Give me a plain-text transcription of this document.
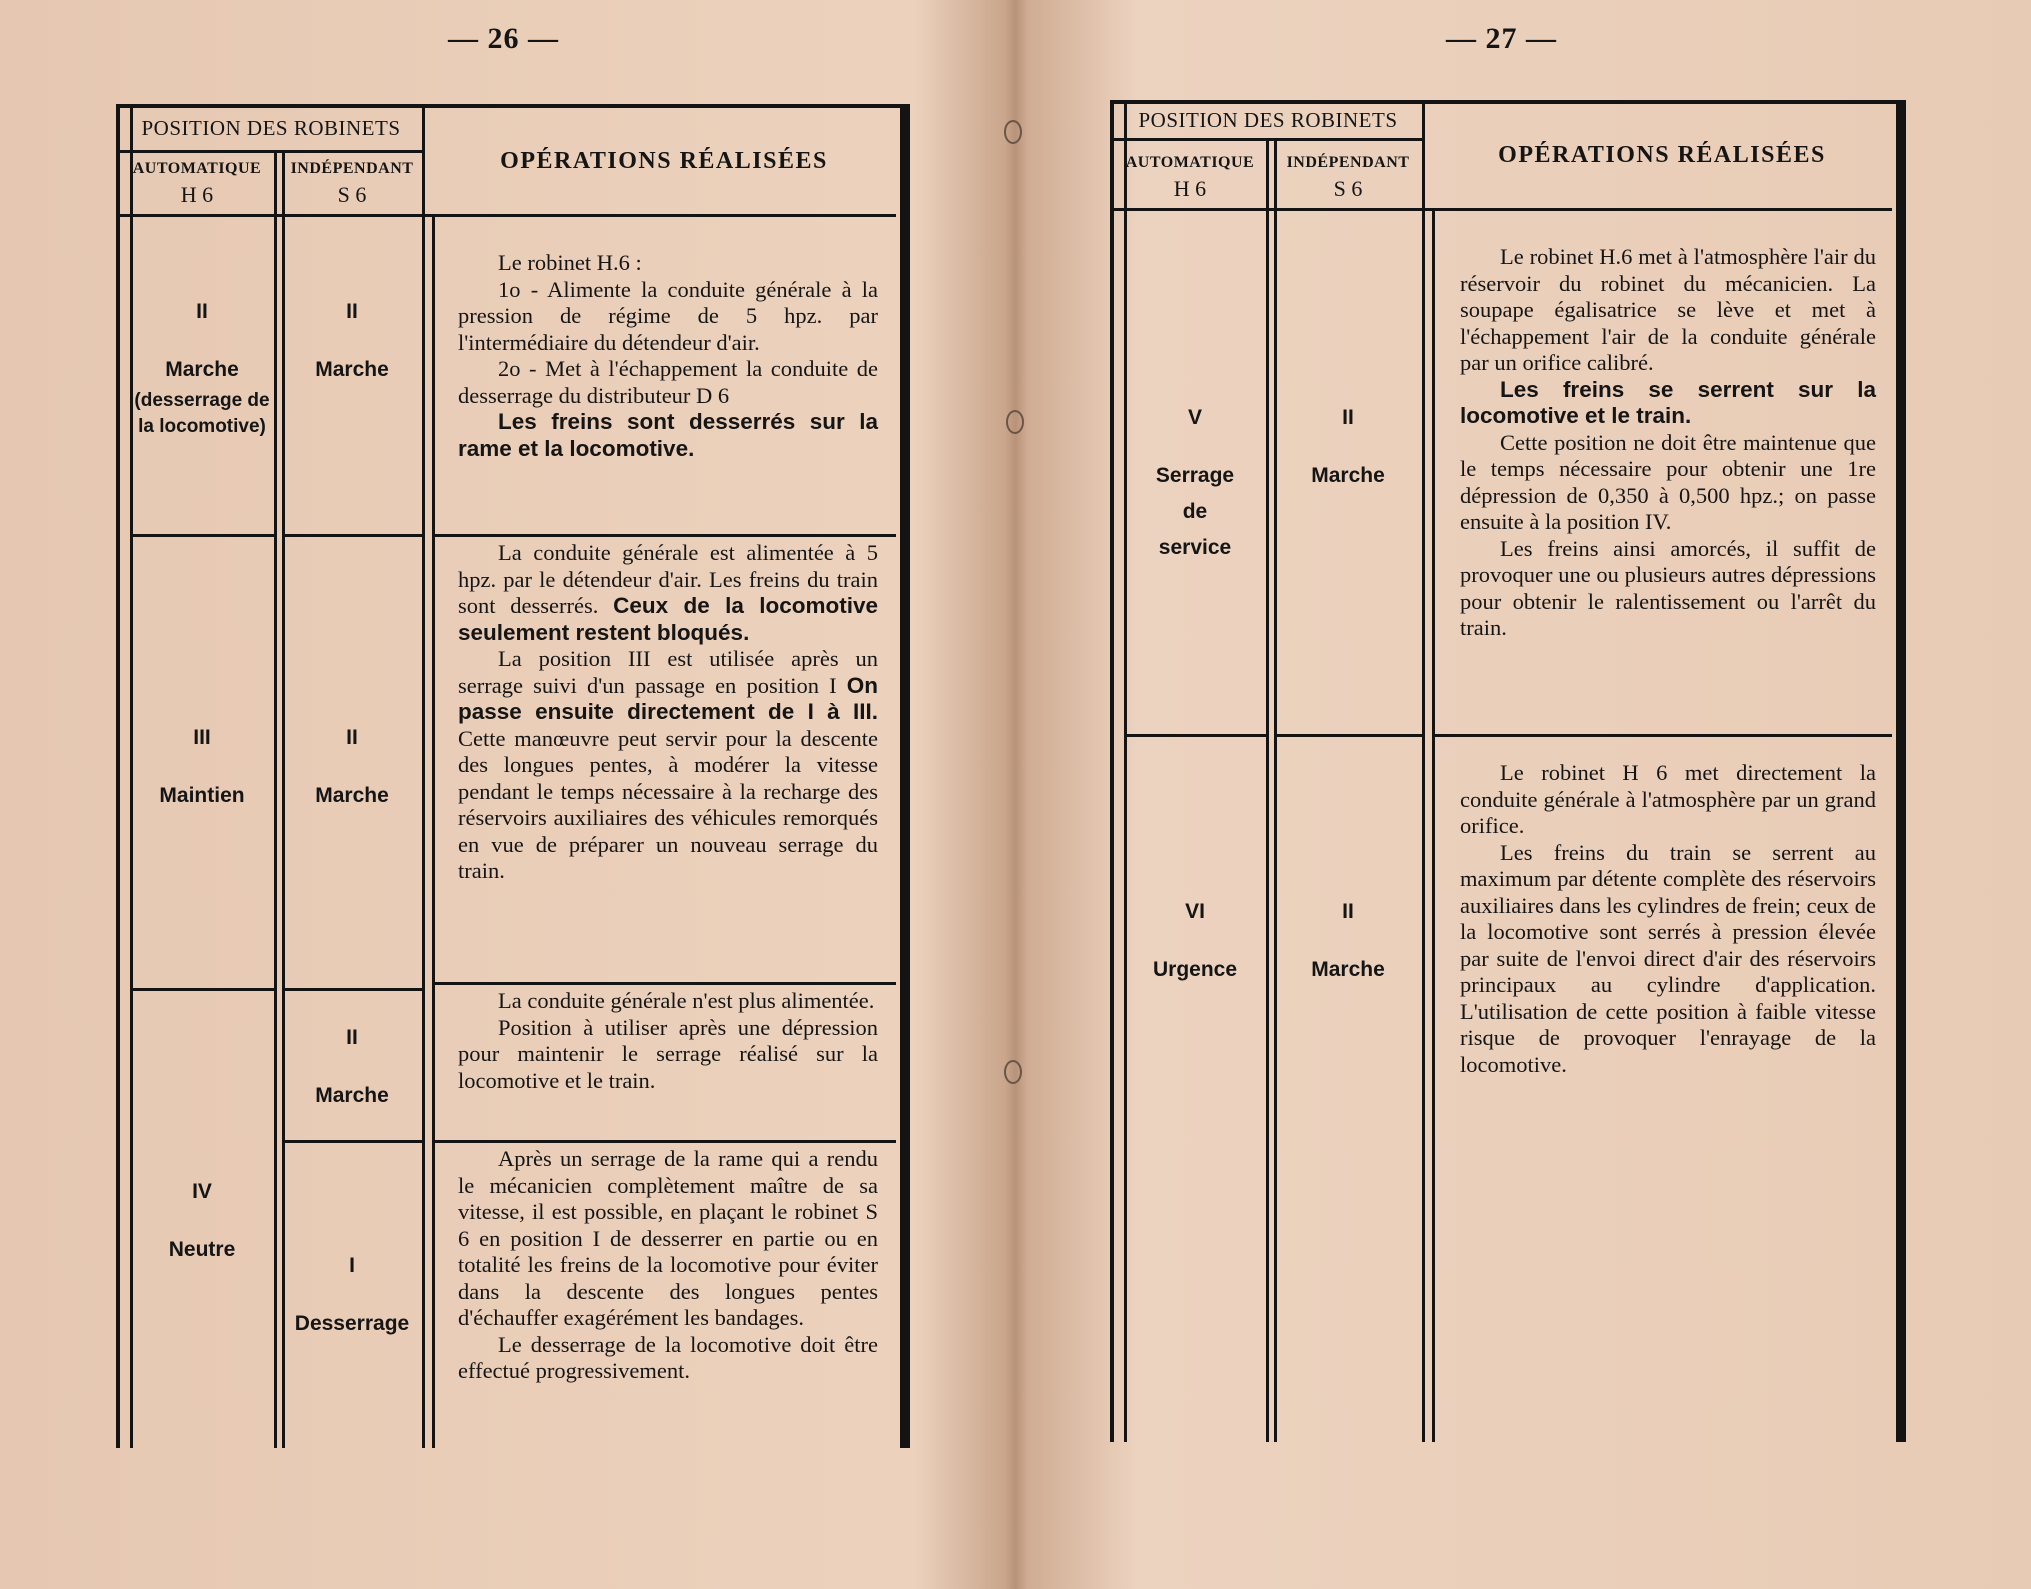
— 26 —
POSITION DES ROBINETS
AUTOMATIQUE
H 6
INDÉPENDANT
S 6
OPÉRATIONS RÉALISÉES
II
Marche
(desserrage de la locomotive)
II
Marche

Le robinet H.6 :

1o - Alimente la conduite générale à la pression de régime de 5 hpz. par l'intermédiaire du détendeur d'air.

2o - Met à l'échappement la conduite de desserrage du distributeur D 6

Les freins sont desserrés sur la rame et la locomotive.

III
Maintien
II
Marche

La conduite générale est alimentée à 5 hpz. par le détendeur d'air. Les freins du train sont desserrés. Ceux de la locomotive seulement restent bloqués.

La position III est utilisée après un serrage suivi d'un passage en position I On passe ensuite directement de I à III. Cette manœuvre peut servir pour la descente des longues pentes, à modérer la vitesse pendant le temps nécessaire à la recharge des réservoirs auxiliaires des véhicules remorqués en vue de préparer un nouveau serrage du train.

IV
Neutre
II
Marche

La conduite générale n'est plus alimentée.

Position à utiliser après une dépression pour maintenir le serrage réalisé sur la locomotive et le train.

I
Desserrage

Après un serrage de la rame qui a rendu le mécanicien complètement maître de sa vitesse, il est possible, en plaçant le robinet S 6 en position I de desserrer en partie ou en totalité les freins de la locomotive pour éviter dans la descente des longues pentes d'échauffer exagérément les bandages.

Le desserrage de la locomotive doit être effectué progressivement.

— 27 —
POSITION DES ROBINETS
AUTOMATIQUE
H 6
INDÉPENDANT
S 6
OPÉRATIONS RÉALISÉES
V
Serrage
de
service
II
Marche

Le robinet H.6 met à l'atmosphère l'air du réservoir du robinet du mécanicien. La soupape égalisatrice se lève et met à l'échappement l'air de la conduite générale par un orifice calibré.

Les freins se serrent sur la locomotive et le train.

Cette position ne doit être maintenue que le temps nécessaire pour obtenir une 1re dépression de 0,350 à 0,500 hpz.; on passe ensuite à la position IV.

Les freins ainsi amorcés, il suffit de provoquer une ou plusieurs autres dépressions pour obtenir le ralentissement ou l'arrêt du train.

VI
Urgence
II
Marche

Le robinet H 6 met directement la conduite générale à l'atmosphère par un grand orifice.

Les freins du train se serrent au maximum par détente complète des réservoirs auxiliaires dans les cylindres de frein; ceux de la locomotive sont serrés à pression élevée par suite de l'envoi direct d'air des réservoirs principaux au cylindre d'application. L'utilisation de cette position à faible vitesse risque de provoquer l'enrayage de la locomotive.
